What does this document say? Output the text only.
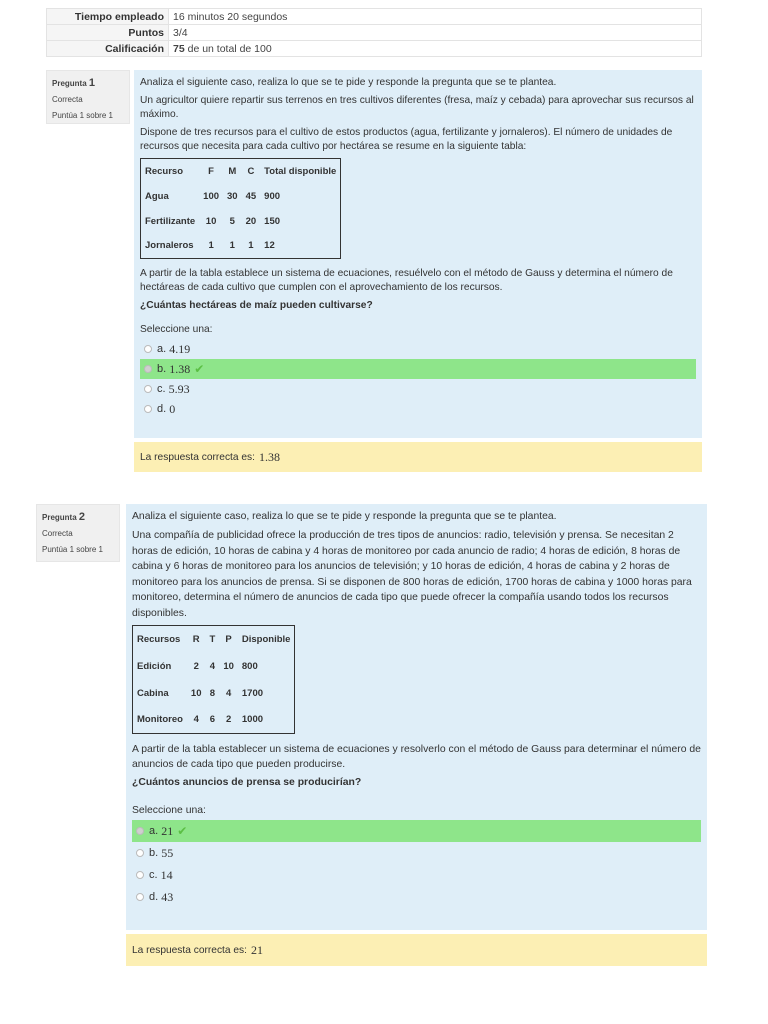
Tiempo empleado	16 minutos 20 segundos
Puntos	3/4
Calificación	75 de un total de 100
Pregunta 1
Correcta
Puntúa 1 sobre 1

Analiza el siguiente caso, realiza lo que se te pide y responde la pregunta que se te plantea.

Un agricultor quiere repartir sus terrenos en tres cultivos diferentes (fresa, maíz y cebada) para aprovechar sus recursos al máximo.

Dispone de tres recursos para el cultivo de estos productos (agua, fertilizante y jornaleros). El número de unidades de recursos que necesita para cada cultivo por hectárea se resume en la siguiente tabla:

Recurso	F	M	C	Total disponible
Agua	100	30	45	900
Fertilizante	10	5	20	150
Jornaleros	1	1	1	12

A partir de la tabla establece un sistema de ecuaciones, resuélvelo con el método de Gauss y determina el número de hectáreas de cada cultivo que cumplen con el aprovechamiento de los recursos.

¿Cuántas hectáreas de maíz pueden cultivarse?

Seleccione una:
a. 4.19
b. 1.38 ✔
c. 5.93
d. 0
La respuesta correcta es: 1.38
Pregunta 2
Correcta
Puntúa 1 sobre 1

Analiza el siguiente caso, realiza lo que se te pide y responde la pregunta que se te plantea.

Una compañía de publicidad ofrece la producción de tres tipos de anuncios: radio, televisión y prensa. Se necesitan 2 horas de edición, 10 horas de cabina y 4 horas de monitoreo por cada anuncio de radio; 4 horas de edición, 8 horas de cabina y 6 horas de monitoreo para los anuncios de televisión; y 10 horas de edición, 4 horas de cabina y 2 horas de monitoreo para los anuncios de prensa. Si se disponen de 800 horas de edición, 1700 horas de cabina y 1000 horas para monitoreo, determina el número de anuncios de cada tipo que puede ofrecer la compañía usando todos los recursos disponibles.

Recursos	R	T	P	Disponible
Edición	2	4	10	800
Cabina	10	8	4	1700
Monitoreo	4	6	2	1000

A partir de la tabla establecer un sistema de ecuaciones y resolverlo con el método de Gauss para determinar el número de anuncios de cada tipo que pueden producirse.

¿Cuántos anuncios de prensa se producirían?

Seleccione una:
a. 21 ✔
b. 55
c. 14
d. 43
La respuesta correcta es: 21
